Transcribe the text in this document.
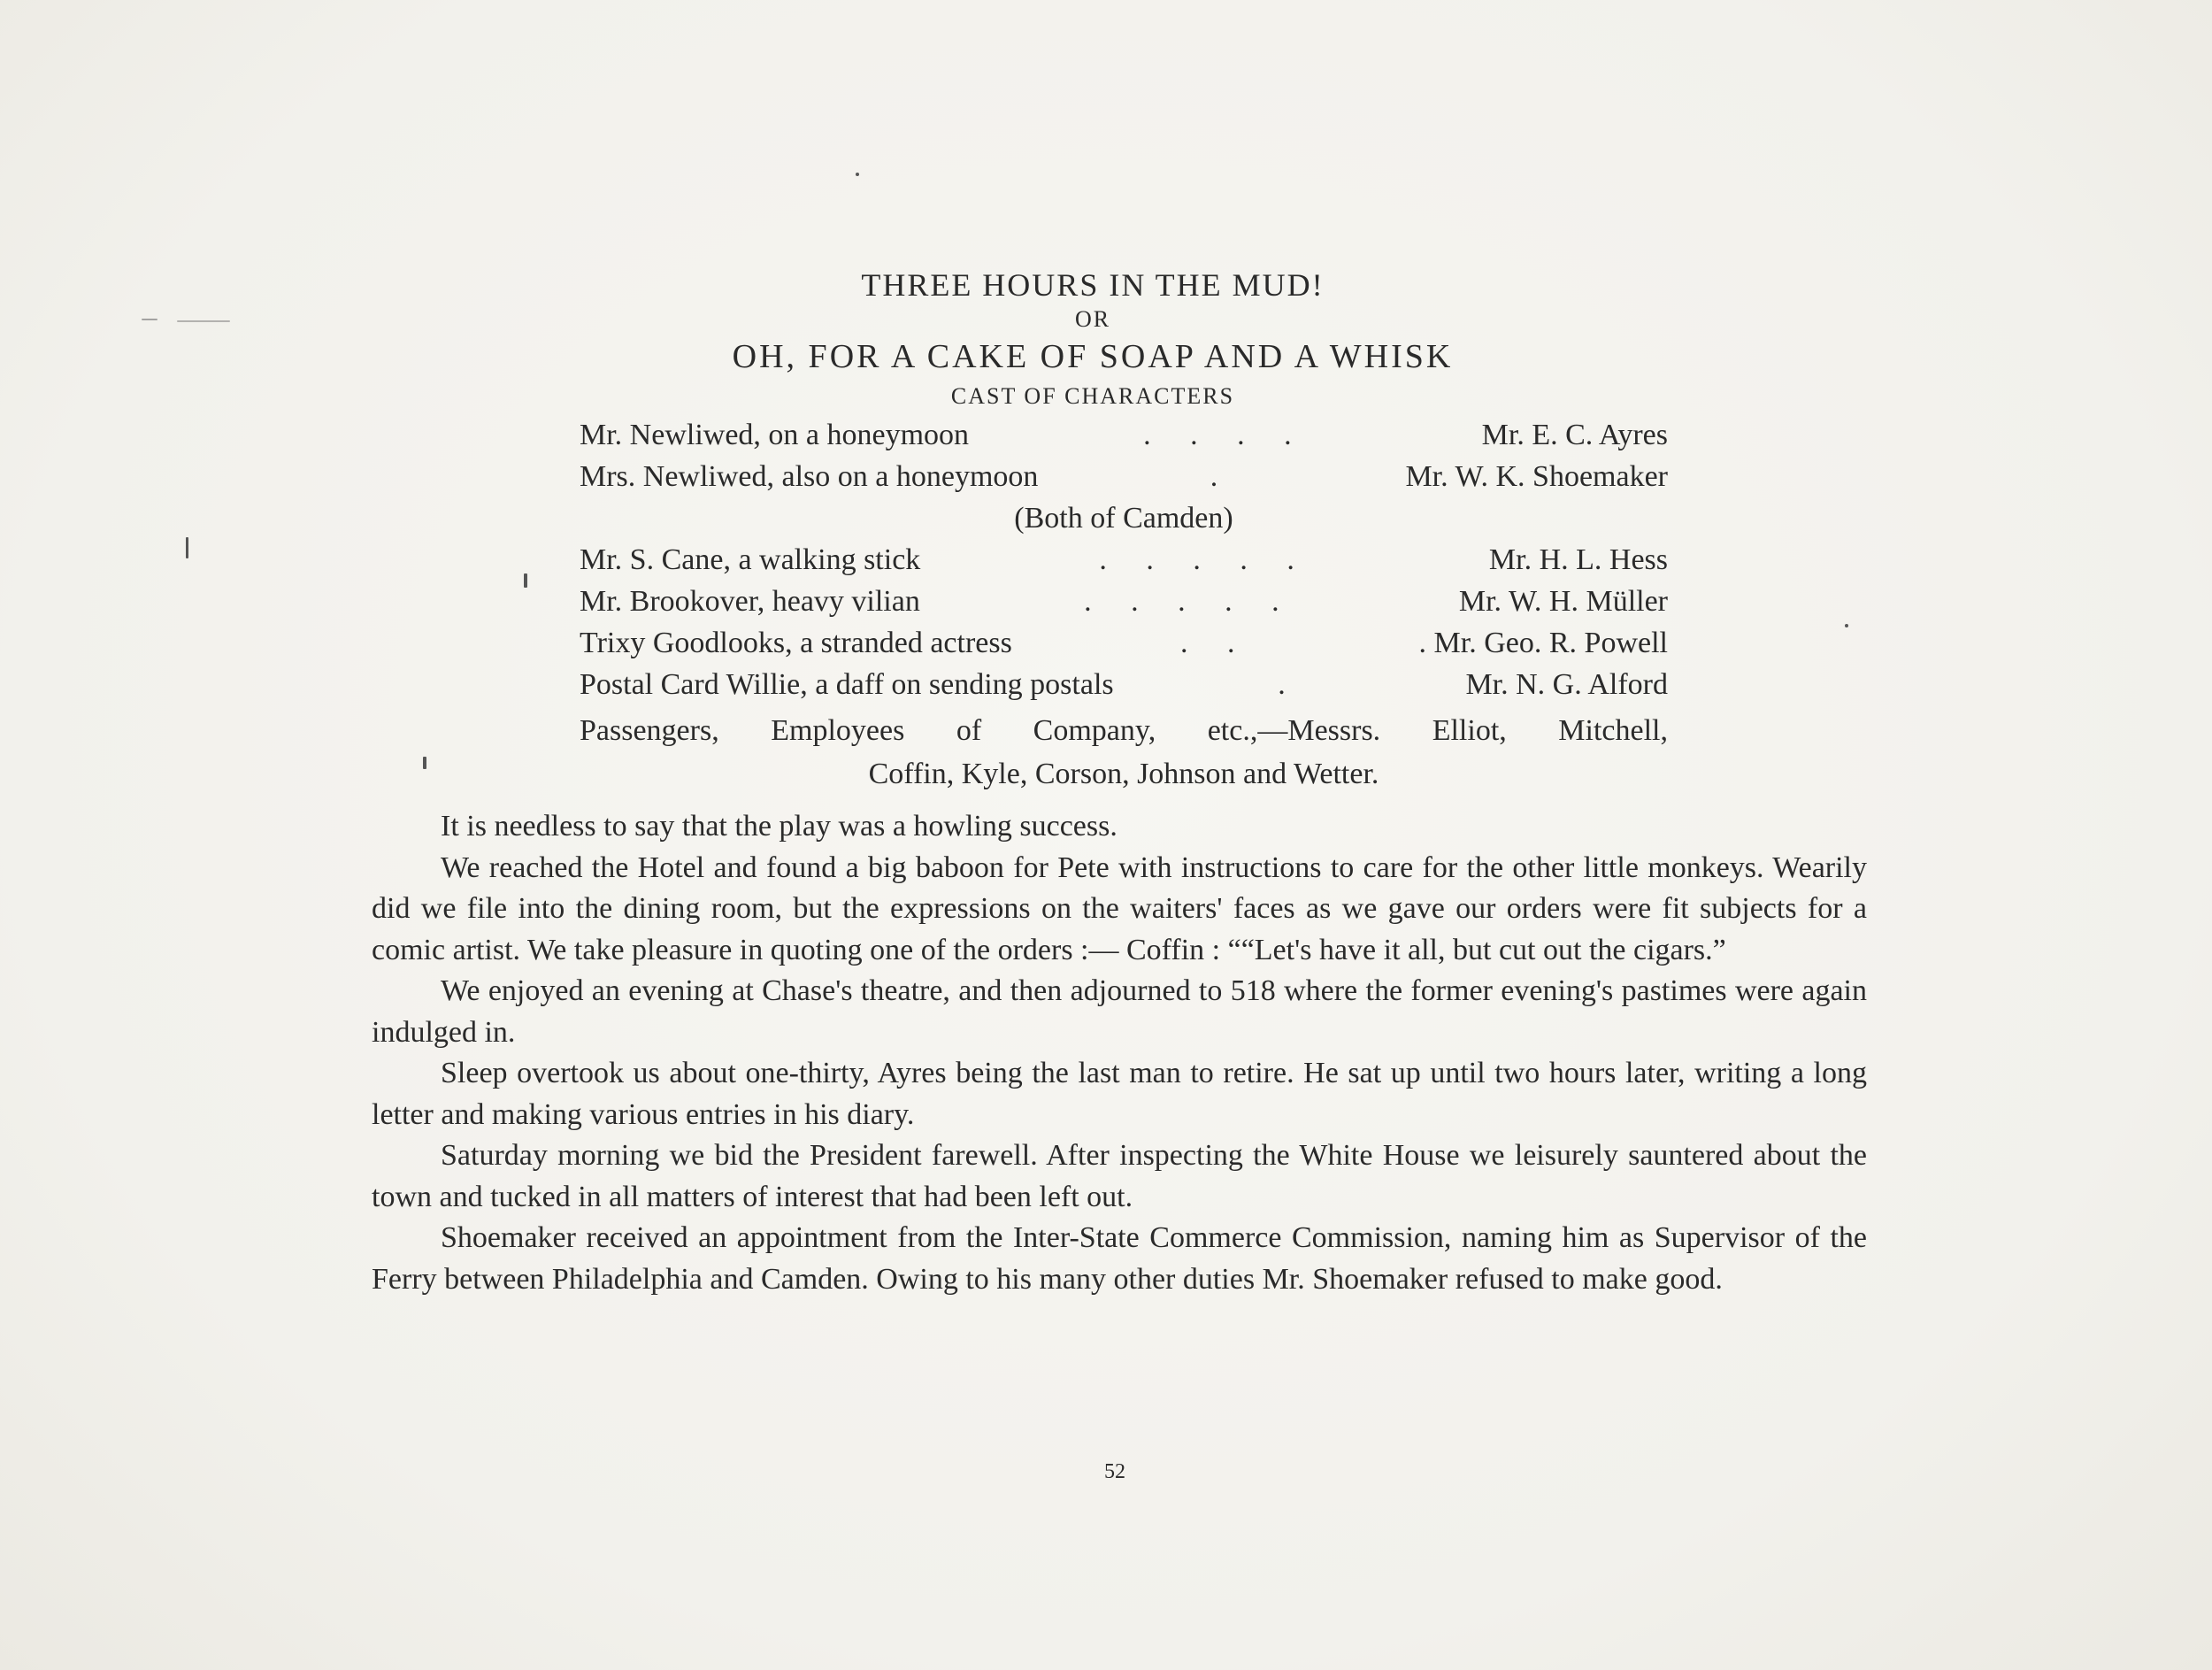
THREE HOURS IN THE MUD!
OR
OH, FOR A CAKE OF SOAP AND A WHISK
CAST OF CHARACTERS
Mr. Newliwed, on a honeymoon	. . . .	Mr. E. C. Ayres
Mrs. Newliwed, also on a honeymoon	.	Mr. W. K. Shoemaker
(Both of Camden)
Mr. S. Cane, a walking stick	. . . . .	Mr. H. L. Hess
Mr. Brookover, heavy vilian	. . . . .	Mr. W. H. Müller
Trixy Goodlooks, a stranded actress	. .	. Mr. Geo. R. Powell
Postal Card Willie, a daff on sending postals	.	Mr. N. G. Alford
Passengers, Employees of Company, etc.,—Messrs. Elliot, Mitchell,
Coffin, Kyle, Corson, Johnson and Wetter.

It is needless to say that the play was a howling success.

We reached the Hotel and found a big baboon for Pete with instructions to care for the other little monkeys. Wearily did we file into the dining room, but the expressions on the waiters' faces as we gave our orders were fit subjects for a comic artist. We take pleasure in quoting one of the orders :— Coffin : ““Let's have it all, but cut out the cigars.”

We enjoyed an evening at Chase's theatre, and then adjourned to 518 where the former evening's pastimes were again indulged in.

Sleep overtook us about one-thirty, Ayres being the last man to retire. He sat up until two hours later, writing a long letter and making various entries in his diary.

Saturday morning we bid the President farewell. After inspecting the White House we leisurely sauntered about the town and tucked in all matters of interest that had been left out.

Shoemaker received an appointment from the Inter-State Commerce Commission, naming him as Supervisor of the Ferry between Philadelphia and Camden. Owing to his many other duties Mr. Shoemaker refused to make good.

52
